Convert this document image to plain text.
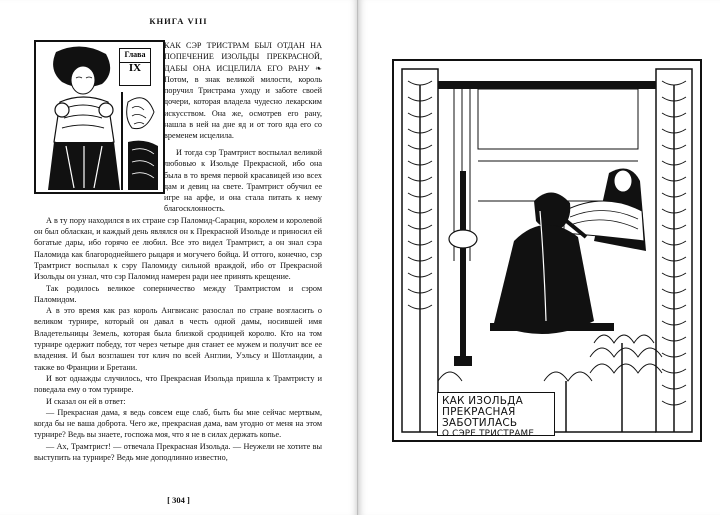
КНИГА VIII
Глава
IX

КАК СЭР ТРИСТРАМ БЫЛ ОТДАН НА ПОПЕЧЕНИЕ ИЗОЛЬДЫ ПРЕКРАСНОЙ, ДАБЫ ОНА ИСЦЕЛИЛА ЕГО РАНУ ❧ Потом, в знак великой милости, король поручил Тристрама уходу и заботе своей дочери, которая владела чудесно лекарским искусством. Она же, осмотрев его рану, нашла в ней на дне яд и от того яда его со временем исцелила.

И тогда сэр Трамтрист воспылал великой любовью к Изольде Прекрасной, ибо она была в то время первой красавицей изо всех дам и девиц на свете. Трамтрист обучил ее игре на арфе, и она стала питать к нему благосклонность.

А в ту пору находился в их стране сэр Паломид-Сарацин, королем и королевой он был обласкан, и каждый день являлся он к Прекрасной Изольде и приносил ей богатые дары, ибо горячо ее любил. Все это видел Трамтрист, а он знал сэра Паломида как благороднейшего рыцаря и могучего бойца. И оттого, конечно, сэр Трамтрист воспылал к сэру Паломиду сильной враждой, ибо от Прекрасной Изольды он узнал, что сэр Паломид намерен ради нее принять крещение.

Так родилось великое соперничество между Трамтристом и сэром Паломидом.

А в это время как раз король Ангвисанс разослал по стране возгласить о великом турнире, который он давал в честь одной дамы, носившей имя Владетельницы Земель, которая была близкой сродницей королю. Кто на том турнире одержит победу, тот через четыре дня станет ее мужем и получит все ее владения. И был возглашен тот клич по всей Англии, Уэльсу и Шотландии, а также во Франции и Бретани.

И вот однажды случилось, что Прекрасная Изольда пришла к Трамтристу и поведала ему о том турнире.

И сказал он ей в ответ:

— Прекрасная дама, я ведь совсем еще слаб, быть бы мне сейчас мертвым, когда бы не ваша доброта. Чего же, прекрасная дама, вам угодно от меня на этом турнире? Ведь вы знаете, госпожа моя, что я не в силах держать копье.

— Ах, Трамтрист! — отвечала Прекрасная Изольда. — Неужели не хотите вы выступить на турнире? Ведь мне доподлинно известно,

[ 304 ]
КАК ИЗОЛЬДА
ПРЕКРАСНАЯ
ЗАБОТИЛАСЬ
О СЭРЕ ТРИСТРАМЕ
